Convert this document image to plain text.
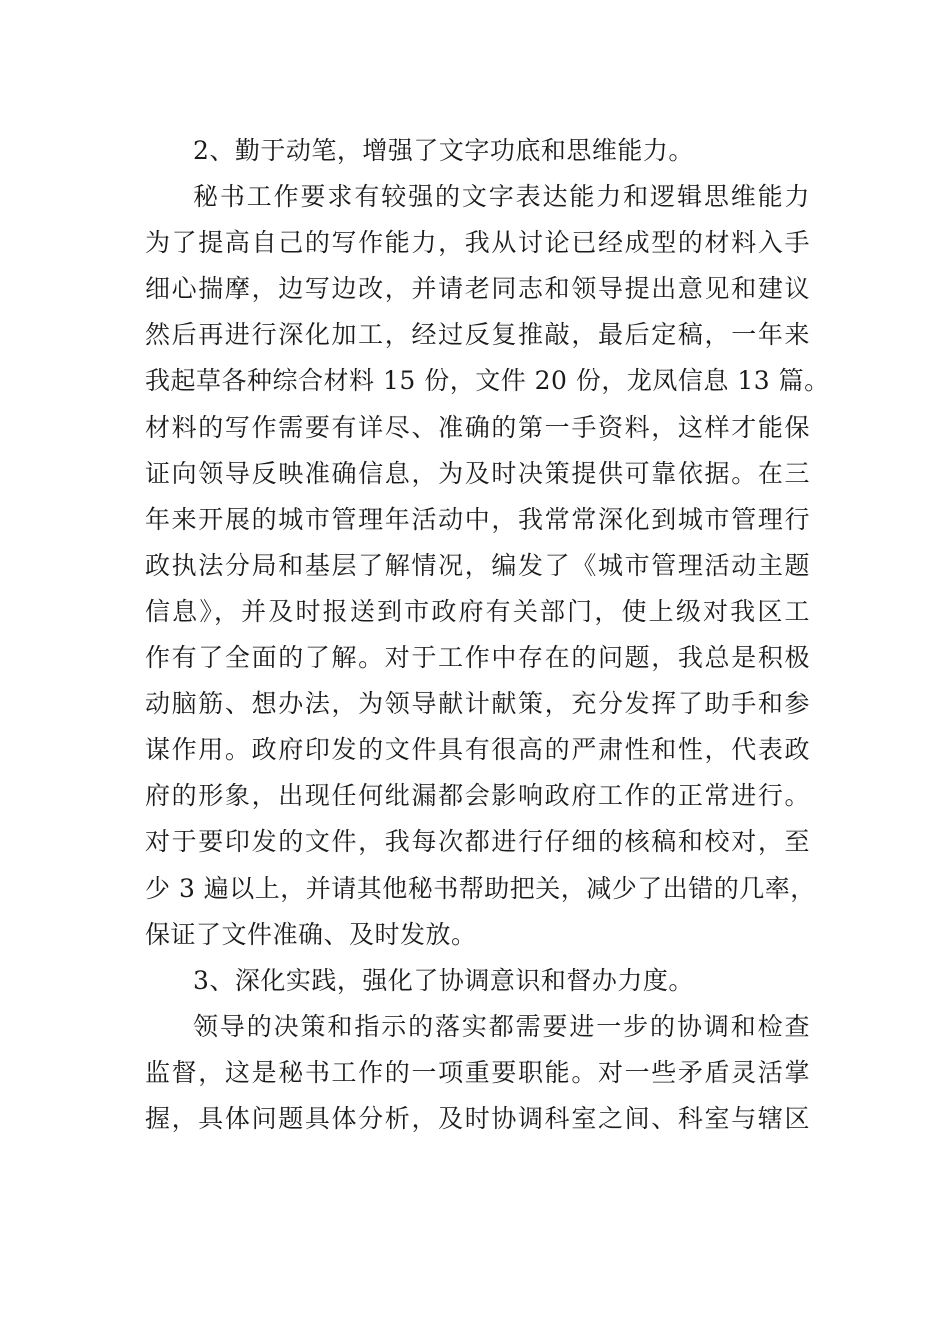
2、勤于动笔，增强了文字功底和思维能力。
秘书工作要求有较强的文字表达能力和逻辑思维能力
为了提高自己的写作能力，我从讨论已经成型的材料入手
细心揣摩，边写边改，并请老同志和领导提出意见和建议
然后再进行深化加工，经过反复推敲，最后定稿，一年来
我起草各种综合材料 15 份，文件 20 份，龙凤信息 13 篇。
材料的写作需要有详尽、准确的第一手资料，这样才能保
证向领导反映准确信息，为及时决策提供可靠依据。在三
年来开展的城市管理年活动中，我常常深化到城市管理行
政执法分局和基层了解情况，编发了《城市管理活动主题
信息》，并及时报送到市政府有关部门，使上级对我区工
作有了全面的了解。对于工作中存在的问题，我总是积极
动脑筋、想办法，为领导献计献策，充分发挥了助手和参
谋作用。政府印发的文件具有很高的严肃性和性，代表政
府的形象，出现任何纰漏都会影响政府工作的正常进行。
对于要印发的文件，我每次都进行仔细的核稿和校对，至
少 3 遍以上，并请其他秘书帮助把关，减少了出错的几率，
保证了文件准确、及时发放。
3、深化实践，强化了协调意识和督办力度。
领导的决策和指示的落实都需要进一步的协调和检查
监督，这是秘书工作的一项重要职能。对一些矛盾灵活掌
握，具体问题具体分析，及时协调科室之间、科室与辖区
